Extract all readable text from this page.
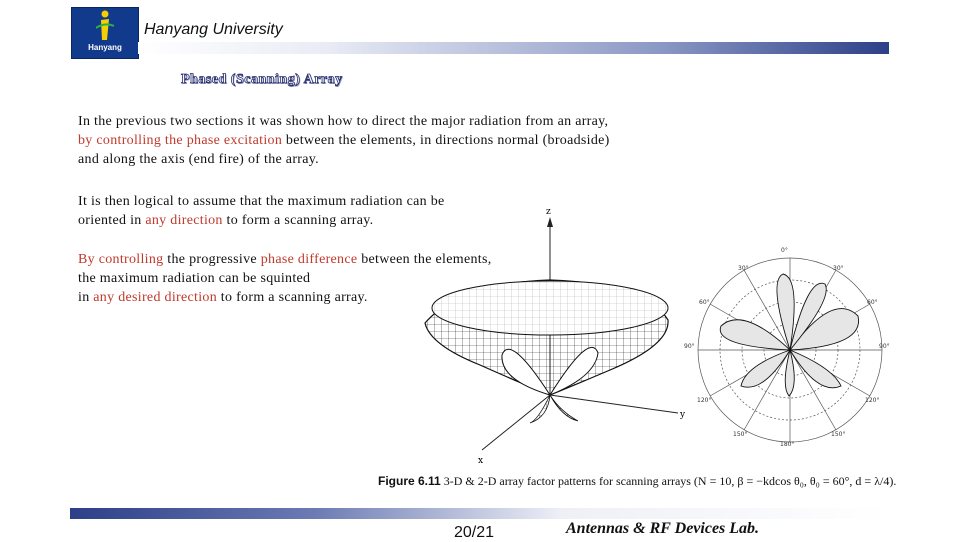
Hanyang
Hanyang University
Phased (Scanning) Array
In the previous two sections it was shown how to direct the major radiation from an array,
by controlling the phase excitation between the elements, in directions normal (broadside)
and along the axis (end fire) of the array.
It is then logical to assume that the maximum radiation can be
oriented in any direction to form a scanning array.
By controlling the progressive phase difference between the elements,
the maximum radiation can be squinted
in any desired direction to form a scanning array.
z
x
y
0°
30°	30°
60°	60°
90°	90°
120°	120°
150°	150°
180°
Figure 6.11 3-D & 2-D array factor patterns for scanning arrays (N = 10, β = −kdcos θ₀, θ₀ = 60°, d = λ/4).
20/21	Antennas & RF Devices Lab.
